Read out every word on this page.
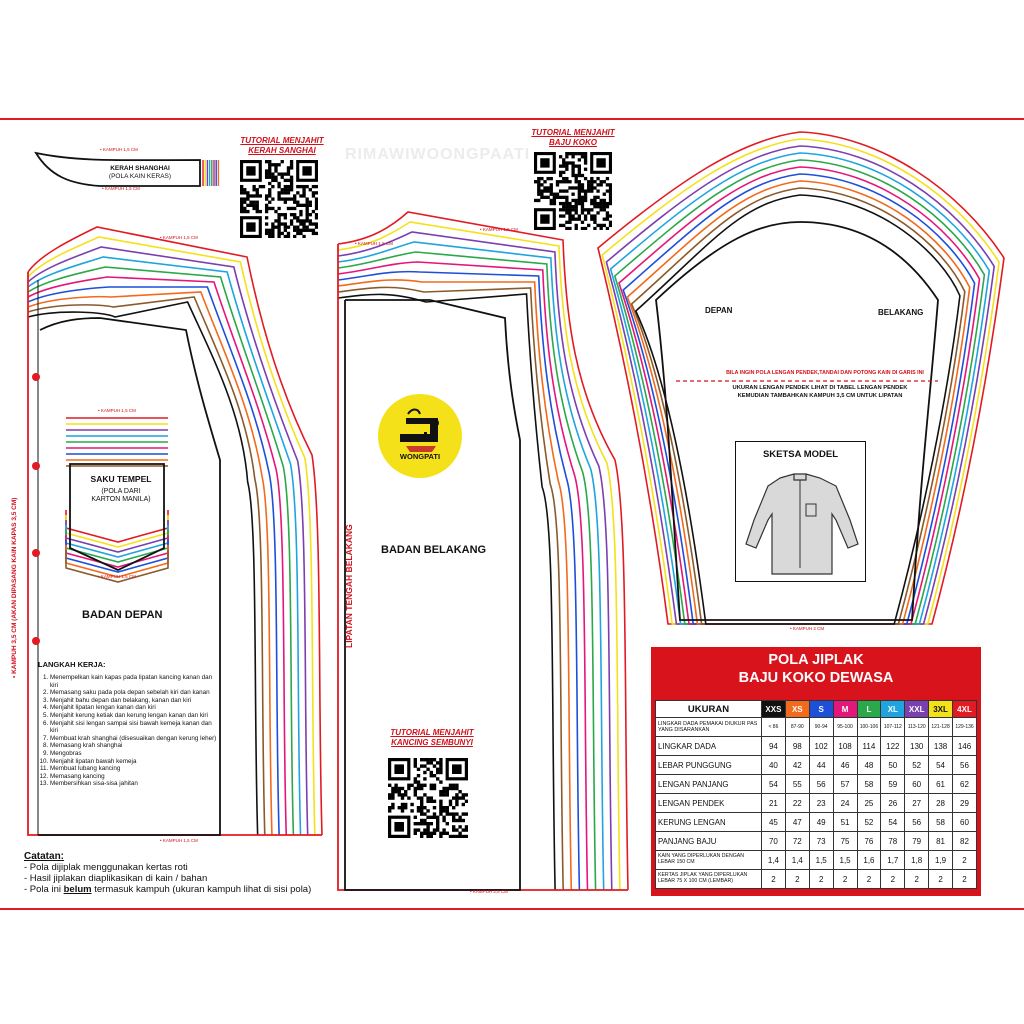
RIMAWIWOONGPAATI
TUTORIAL MENJAHIT KERAH SANGHAI
TUTORIAL MENJAHIT BAJU KOKO
TUTORIAL MENJAHIT KANCING SEMBUNYI
KERAH SHANGHAI
(POLA KAIN KERAS)
SAKU TEMPEL
(POLA DARI KARTON MANILA)
BADAN DEPAN
BADAN BELAKANG
LIPATAN TENGAH BELAKANG
• KAMPUH 3,5 CM (AKAN DIPASANG KAIN KAPAS 3,5 CM)
• KAMPUH 1,5 CM
• KAMPUH 1,5 CM
• KAMPUH 1,5 CM
• KAMPUH 1,5 CM
• KAMPUH 1,5 CM
• KAMPUH 1,5 CM
• KAMPUH 1,5 CM
• KAMPUH 2 CM
• KAMPUH 1,5 CM
• KAMPUH 2,5 CM
LANGKAH KERJA:
1. Menempelkan kain kapas pada lipatan kancing kanan dan kiri
2. Memasang saku pada pola depan sebelah kiri dan kanan
3. Menjahit bahu depan dan belakang, kanan dan kiri
4. Menjahit lipatan lengan kanan dan kiri
5. Menjahit kerung ketiak dan kerung lengan kanan dan kiri
6. Menjahit sisi lengan sampai sisi bawah kemeja kanan dan kiri
7. Membuat krah shanghai (disesuaikan dengan kerung leher)
8. Memasang krah shanghai
9. Mengobras
10. Menjahit lipatan bawah kemeja
11. Membuat lubang kancing
12. Memasang kancing
13. Membersihkan sisa-sisa jahitan
Catatan:
- Pola dijiplak menggunakan kertas roti
- Hasil jiplakan diaplikasikan di kain / bahan
- Pola ini belum termasuk kampuh (ukuran kampuh lihat di sisi pola)
WONGPATI
DEPAN	BELAKANG
BILA INGIN POLA LENGAN PENDEK,TANDAI DAN POTONG KAIN DI GARIS INI
UKURAN LENGAN PENDEK LIHAT DI TABEL LENGAN PENDEK
KEMUDIAN TAMBAHKAN KAMPUH 3,5 CM UNTUK LIPATAN
SKETSA MODEL
POLA JIPLAK
BAJU KOKO DEWASA
UKURAN	XXS	XS	S	M	L	XL	XXL	3XL	4XL
LINGKAR DADA PEMAKAI DIUKUR PAS YANG DISARANKAN	< 86	87-90	90-94	95-100	100-106	107-112	113-120	121-128	129-136
LINGKAR DADA	94	98	102	108	114	122	130	138	146
LEBAR PUNGGUNG	40	42	44	46	48	50	52	54	56
LENGAN PANJANG	54	55	56	57	58	59	60	61	62
LENGAN PENDEK	21	22	23	24	25	26	27	28	29
KERUNG LENGAN	45	47	49	51	52	54	56	58	60
PANJANG BAJU	70	72	73	75	76	78	79	81	82
KAIN YANG DIPERLUKAN DENGAN LEBAR 150 CM	1,4	1,4	1,5	1,5	1,6	1,7	1,8	1,9	2
KERTAS JIPLAK YANG DIPERLUKAN LEBAR 75 X 100 CM (LEMBAR)	2	2	2	2	2	2	2	2	2
